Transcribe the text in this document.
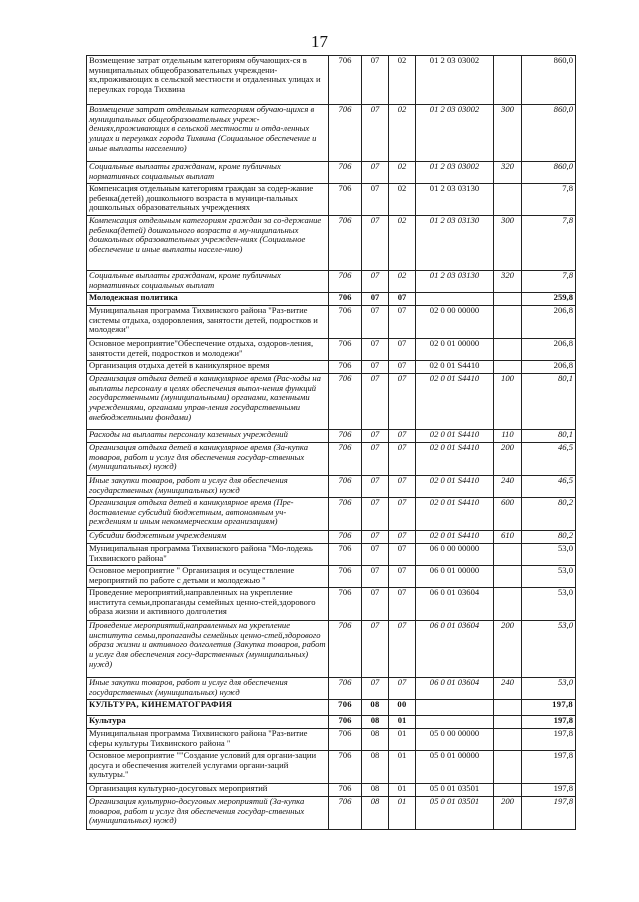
17
Возмещение затрат отдельным категориям обучающих-ся в муниципальных общеобразовательных учреждени-ях,проживающих в сельской местности и отдаленных улицах и переулках города Тихвина	706	07	02	01 2 03 03002		860,0
Возмещение затрат отдельным категориям обучаю-щихся в муниципальных общеобразовательных учреж-дениях,проживающих в сельской местности и отда-ленных улицах и переулках города Тихвина (Социальное обеспечение и иные выплаты населению)	706	07	02	01 2 03 03002	300	860,0
Социальные выплаты гражданам, кроме публичных нормативных социальных выплат	706	07	02	01 2 03 03002	320	860,0
Компенсация отдельным категориям граждан за содер-жание ребенка(детей) дошкольного возраста в муници-пальных дошкольных образовательных учреждениях	706	07	02	01 2 03 03130		7,8
Компенсация отдельным категориям граждан за со-держание ребенка(детей) дошкольного возраста в му-ниципальных дошкольных образовательных учрежден-ниях (Социальное обеспечение и иные выплаты населе-нию)	706	07	02	01 2 03 03130	300	7,8
Социальные выплаты гражданам, кроме публичных нормативных социальных выплат	706	07	02	01 2 03 03130	320	7,8
Молодежная политика	706	07	07			259,8
Муниципальная программа Тихвинского района "Раз-витие системы отдыха, оздоровления, занятости детей, подростков и молодежи"	706	07	07	02 0 00 00000		206,8
Основное мероприятие"Обеспечение отдыха, оздоров-ления, занятости детей, подростков и молодежи"	706	07	07	02 0 01 00000		206,8
Организация отдыха детей в каникулярное время	706	07	07	02 0 01 S4410		206,8
Организация отдыха детей в каникулярное время (Рас-ходы на выплаты персоналу в целях обеспечения выпол-нения функций государственными (муниципальными) органами, казенными учреждениями, органами управ-ления государственными внебюджетными фондами)	706	07	07	02 0 01 S4410	100	80,1
Расходы на выплаты персоналу казенных учреждений	706	07	07	02 0 01 S4410	110	80,1
Организация отдыха детей в каникулярное время (За-купка товаров, работ и услуг для обеспечения государ-ственных (муниципальных) нужд)	706	07	07	02 0 01 S4410	200	46,5
Иные закупки товаров, работ и услуг для обеспечения государственных (муниципальных) нужд	706	07	07	02 0 01 S4410	240	46,5
Организация отдыха детей в каникулярное время (Пре-доставление субсидий бюджетным, автономным уч-реждениям и иным некоммерческим организациям)	706	07	07	02 0 01 S4410	600	80,2
Субсидии бюджетным учреждениям	706	07	07	02 0 01 S4410	610	80,2
Муниципальная программа Тихвинского района "Мо-лодежь Тихвинского района"	706	07	07	06 0 00 00000		53,0
Основное мероприятие " Организация и осуществление мероприятий по работе с детьми и молодежью "	706	07	07	06 0 01 00000		53,0
Проведение мероприятий,направленных на укрепление института семьи,пропаганды семейных ценно-стей,здорового образа жизни и активного долголетия	706	07	07	06 0 01 03604		53,0
Проведение мероприятий,направленных на укрепление института семьи,пропаганды семейных ценно-стей,здорового образа жизни и активного долголетия (Закупка товаров, работ и услуг для обеспечения госу-дарственных (муниципальных) нужд)	706	07	07	06 0 01 03604	200	53,0
Иные закупки товаров, работ и услуг для обеспечения государственных (муниципальных) нужд	706	07	07	06 0 01 03604	240	53,0
КУЛЬТУРА, КИНЕМАТОГРАФИЯ	706	08	00			197,8
Культура	706	08	01			197,8
Муниципальная программа Тихвинского района "Раз-витие сферы культуры Тихвинского района "	706	08	01	05 0 00 00000		197,8
Основное мероприятие ""Создание условий для органи-зации досуга и обеспечения жителей услугами органи-заций культуры."	706	08	01	05 0 01 00000		197,8
Организация культурно-досуговых мероприятий	706	08	01	05 0 01 03501		197,8
Организация культурно-досуговых мероприятий (За-купка товаров, работ и услуг для обеспечения государ-ственных (муниципальных) нужд)	706	08	01	05 0 01 03501	200	197,8
